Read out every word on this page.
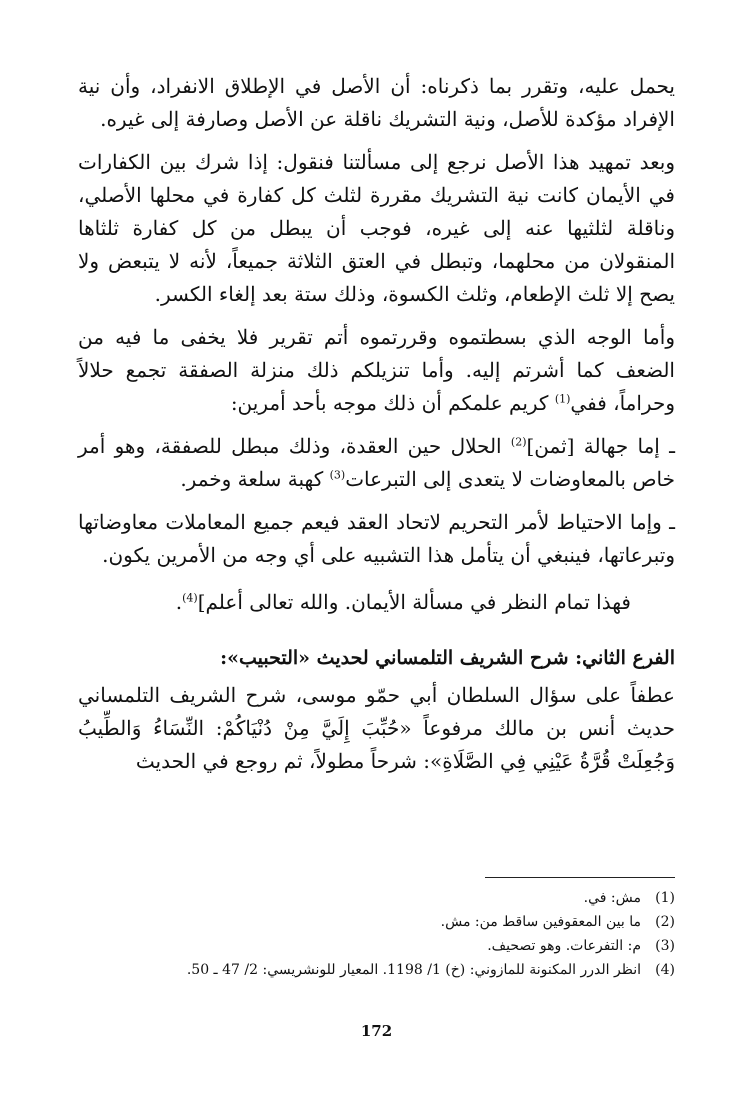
يحمل عليه، وتقرر بما ذكرناه: أن الأصل في الإطلاق الانفراد، وأن نية الإفراد مؤكدة للأصل، ونية التشريك ناقلة عن الأصل وصارفة إلى غيره.

وبعد تمهيد هذا الأصل نرجع إلى مسألتنا فنقول: إذا شرك بين الكفارات في الأيمان كانت نية التشريك مقررة لثلث كل كفارة في محلها الأصلي، وناقلة لثلثيها عنه إلى غيره، فوجب أن يبطل من كل كفارة ثلثاها المنقولان من محلهما، وتبطل في العتق الثلاثة جميعاً، لأنه لا يتبعض ولا يصح إلا ثلث الإطعام، وثلث الكسوة، وذلك ستة بعد إلغاء الكسر.

وأما الوجه الذي بسطتموه وقررتموه أتم تقرير فلا يخفى ما فيه من الضعف كما أشرتم إليه. وأما تنزيلكم ذلك منزلة الصفقة تجمع حلالاً وحراماً، ففي$^{(1)}$ كريم علمكم أن ذلك موجه بأحد أمرين:

ـ إما جهالة [ثمن]$^{(2)}$ الحلال حين العقدة، وذلك مبطل للصفقة، وهو أمر خاص بالمعاوضات لا يتعدى إلى التبرعات$^{(3)}$ كهبة سلعة وخمر.

ـ وإما الاحتياط لأمر التحريم لاتحاد العقد فيعم جميع المعاملات معاوضاتها وتبرعاتها، فينبغي أن يتأمل هذا التشبيه على أي وجه من الأمرين يكون.

فهذا تمام النظر في مسألة الأيمان. والله تعالى أعلم]$^{(4)}$.

الفرع الثاني: شرح الشريف التلمساني لحديث «التحبيب»:

عطفاً على سؤال السلطان أبي حمّو موسى، شرح الشريف التلمساني حديث أنس بن مالك مرفوعاً «حُبِّبَ إِلَيَّ مِنْ دُنْيَاكُمْ: النِّسَاءُ وَالطِّيبُ وَجُعِلَتْ قُرَّةُ عَيْنِي فِي الصَّلَاةِ»: شرحاً مطولاً، ثم روجع في الحديث

(1)
مش: في.
(2)
ما بين المعقوفين ساقط من: مش.
(3)
م: التفرعات. وهو تصحيف.
(4)
انظر الدرر المكنونة للمازوني: (خ) 1/ 1198. المعيار للونشريسي: 2/ 47 ـ 50.
172
